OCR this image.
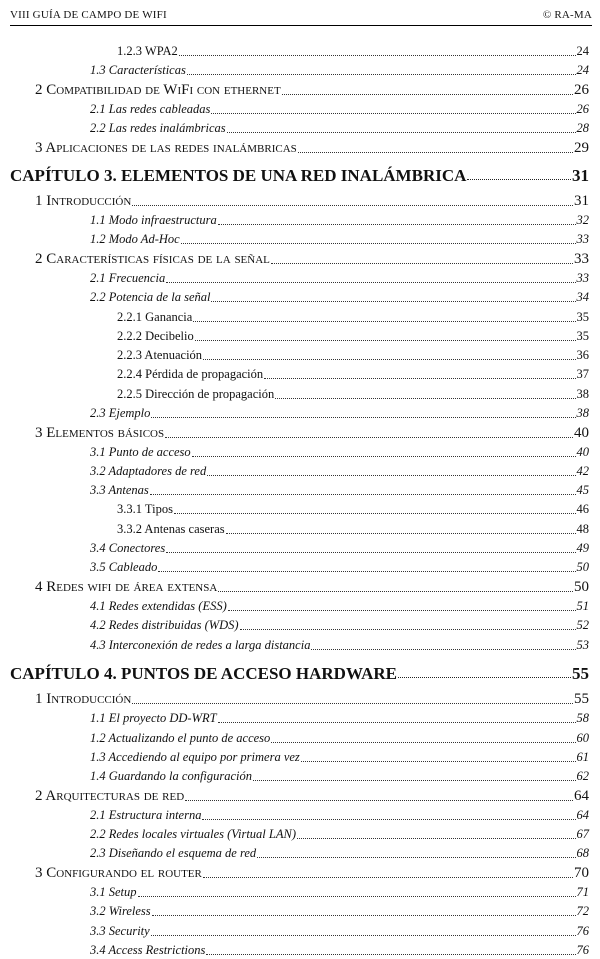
VIII GUÍA DE CAMPO DE WIFI	© RA-MA
1.2.3 WPA2	24
1.3 Características	24
2 Compatibilidad de WiFi con ethernet	26
2.1 Las redes cableadas	26
2.2 Las redes inalámbricas	28
3 Aplicaciones de las redes inalámbricas	29
CAPÍTULO 3. ELEMENTOS DE UNA RED INALÁMBRICA	31
1 Introducción	31
1.1 Modo infraestructura	32
1.2 Modo Ad-Hoc	33
2 Características físicas de la señal	33
2.1 Frecuencia	33
2.2 Potencia de la señal	34
2.2.1 Ganancia	35
2.2.2 Decibelio	35
2.2.3 Atenuación	36
2.2.4 Pérdida de propagación	37
2.2.5 Dirección de propagación	38
2.3 Ejemplo	38
3 Elementos básicos	40
3.1 Punto de acceso	40
3.2 Adaptadores de red	42
3.3 Antenas	45
3.3.1 Tipos	46
3.3.2 Antenas caseras	48
3.4 Conectores	49
3.5 Cableado	50
4 Redes wifi de área extensa	50
4.1 Redes extendidas (ESS)	51
4.2 Redes distribuidas (WDS)	52
4.3 Interconexión de redes a larga distancia	53
CAPÍTULO 4. PUNTOS DE ACCESO HARDWARE	55
1 Introducción	55
1.1 El proyecto DD-WRT	58
1.2 Actualizando el punto de acceso	60
1.3 Accediendo al equipo por primera vez	61
1.4 Guardando la configuración	62
2 Arquitecturas de red	64
2.1 Estructura interna	64
2.2 Redes locales virtuales (Virtual LAN)	67
2.3 Diseñando el esquema de red	68
3 Configurando el router	70
3.1 Setup	71
3.2 Wireless	72
3.3 Security	76
3.4 Access Restrictions	76
